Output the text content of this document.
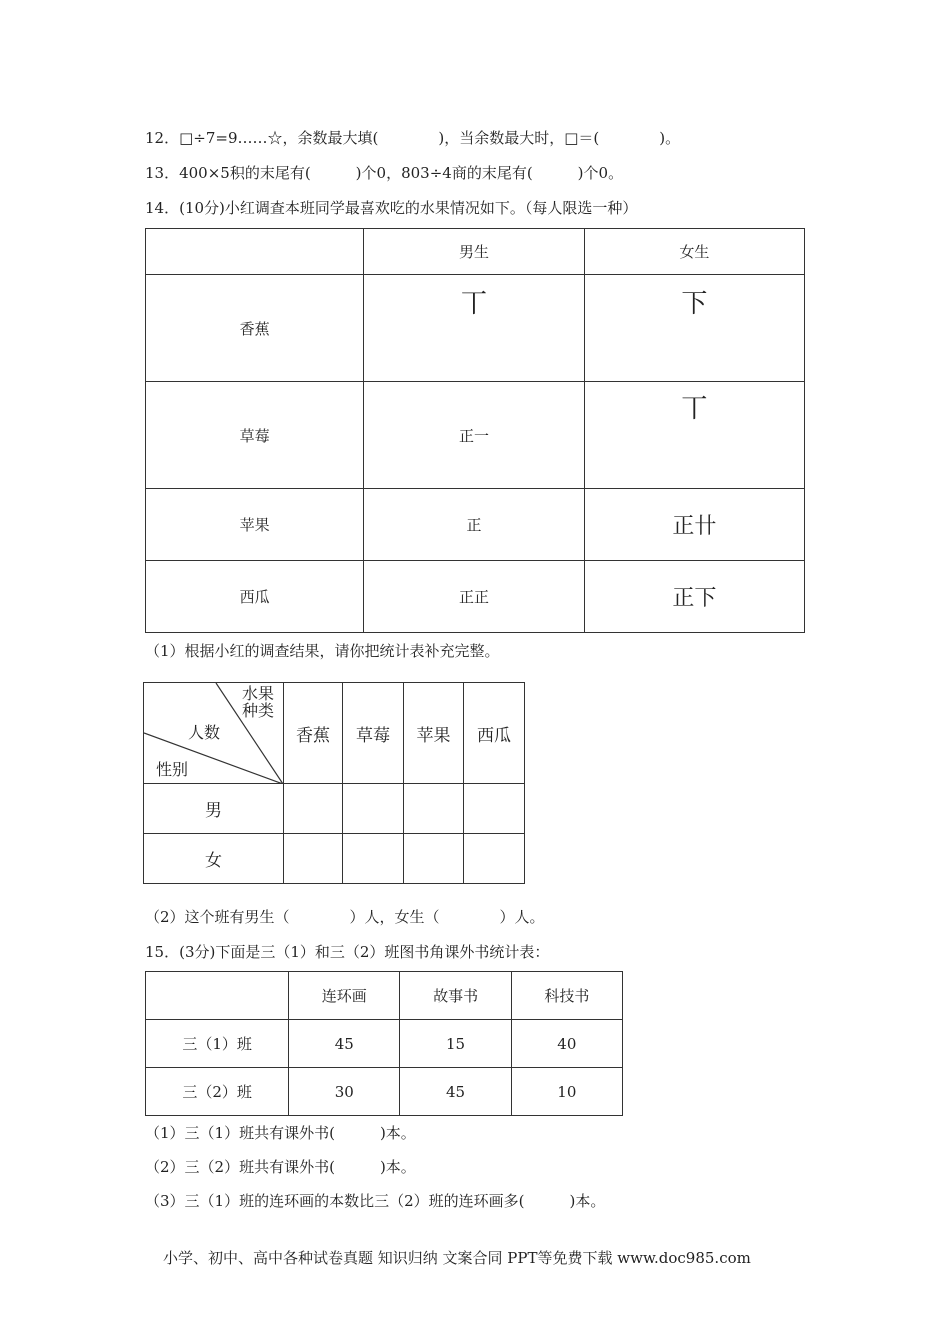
12．□÷7=9……☆，余数最大填(　　　　)，当余数最大时，□＝(　　　　)。
13．400×5积的末尾有(　　　)个0，803÷4商的末尾有(　　　)个0。
14．(10分)小红调查本班同学最喜欢吃的水果情况如下。（每人限选一种）
	男生	女生
香蕉	丅	下
草莓	正一	丅
苹果	正	正卄
西瓜	正正	正下
（1）根据小红的调查结果，请你把统计表补充完整。
水果
种类
人数
性别	香蕉	草莓	苹果	西瓜
男				
女				
（2）这个班有男生（　　　　）人，女生（　　　　）人。
15．(3分)下面是三（1）和三（2）班图书角课外书统计表：
	连环画	故事书	科技书
三（1）班	45	15	40
三（2）班	30	45	10
（1）三（1）班共有课外书(　　　)本。
（2）三（2）班共有课外书(　　　)本。
（3）三（1）班的连环画的本数比三（2）班的连环画多(　　　)本。
小学、初中、高中各种试卷真题 知识归纳 文案合同 PPT等免费下载 www.doc985.com
